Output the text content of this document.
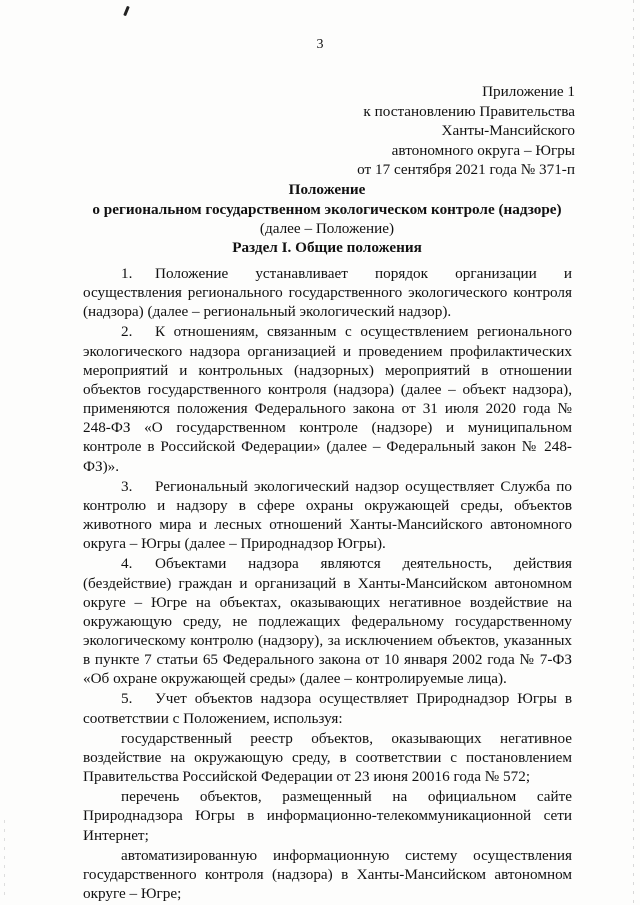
3
Приложение 1
к постановлению Правительства
Ханты-Мансийского
автономного округа – Югры
от 17 сентября 2021 года № 371-п
Положение
о региональном государственном экологическом контроле (надзоре)
(далее – Положение)
Раздел I. Общие положения

1. Положение устанавливает порядок организации и осуществления регионального государственного экологического контроля (надзора) (далее – региональный экологический надзор).

2. К отношениям, связанным с осуществлением регионального экологического надзора организацией и проведением профилактических мероприятий и контрольных (надзорных) мероприятий в отношении объектов государственного контроля (надзора) (далее – объект надзора), применяются положения Федерального закона от 31 июля 2020 года № 248-ФЗ «О государственном контроле (надзоре) и муниципальном контроле в Российской Федерации» (далее – Федеральный закон № 248-ФЗ)».

3. Региональный экологический надзор осуществляет Служба по контролю и надзору в сфере охраны окружающей среды, объектов животного мира и лесных отношений Ханты-Мансийского автономного округа – Югры (далее – Природнадзор Югры).

4. Объектами надзора являются деятельность, действия (бездействие) граждан и организаций в Ханты-Мансийском автономном округе – Югре на объектах, оказывающих негативное воздействие на окружающую среду, не подлежащих федеральному государственному экологическому контролю (надзору), за исключением объектов, указанных в пункте 7 статьи 65 Федерального закона от 10 января 2002 года № 7-ФЗ «Об охране окружающей среды» (далее – контролируемые лица).

5. Учет объектов надзора осуществляет Природнадзор Югры в соответствии с Положением, используя:

государственный реестр объектов, оказывающих негативное воздействие на окружающую среду, в соответствии с постановлением Правительства Российской Федерации от 23 июня 20016 года № 572;

перечень объектов, размещенный на официальном сайте Природнадзора Югры в информационно-телекоммуникационной сети Интернет;

автоматизированную информационную систему осуществления государственного контроля (надзора) в Ханты-Мансийском автономном округе – Югре;
